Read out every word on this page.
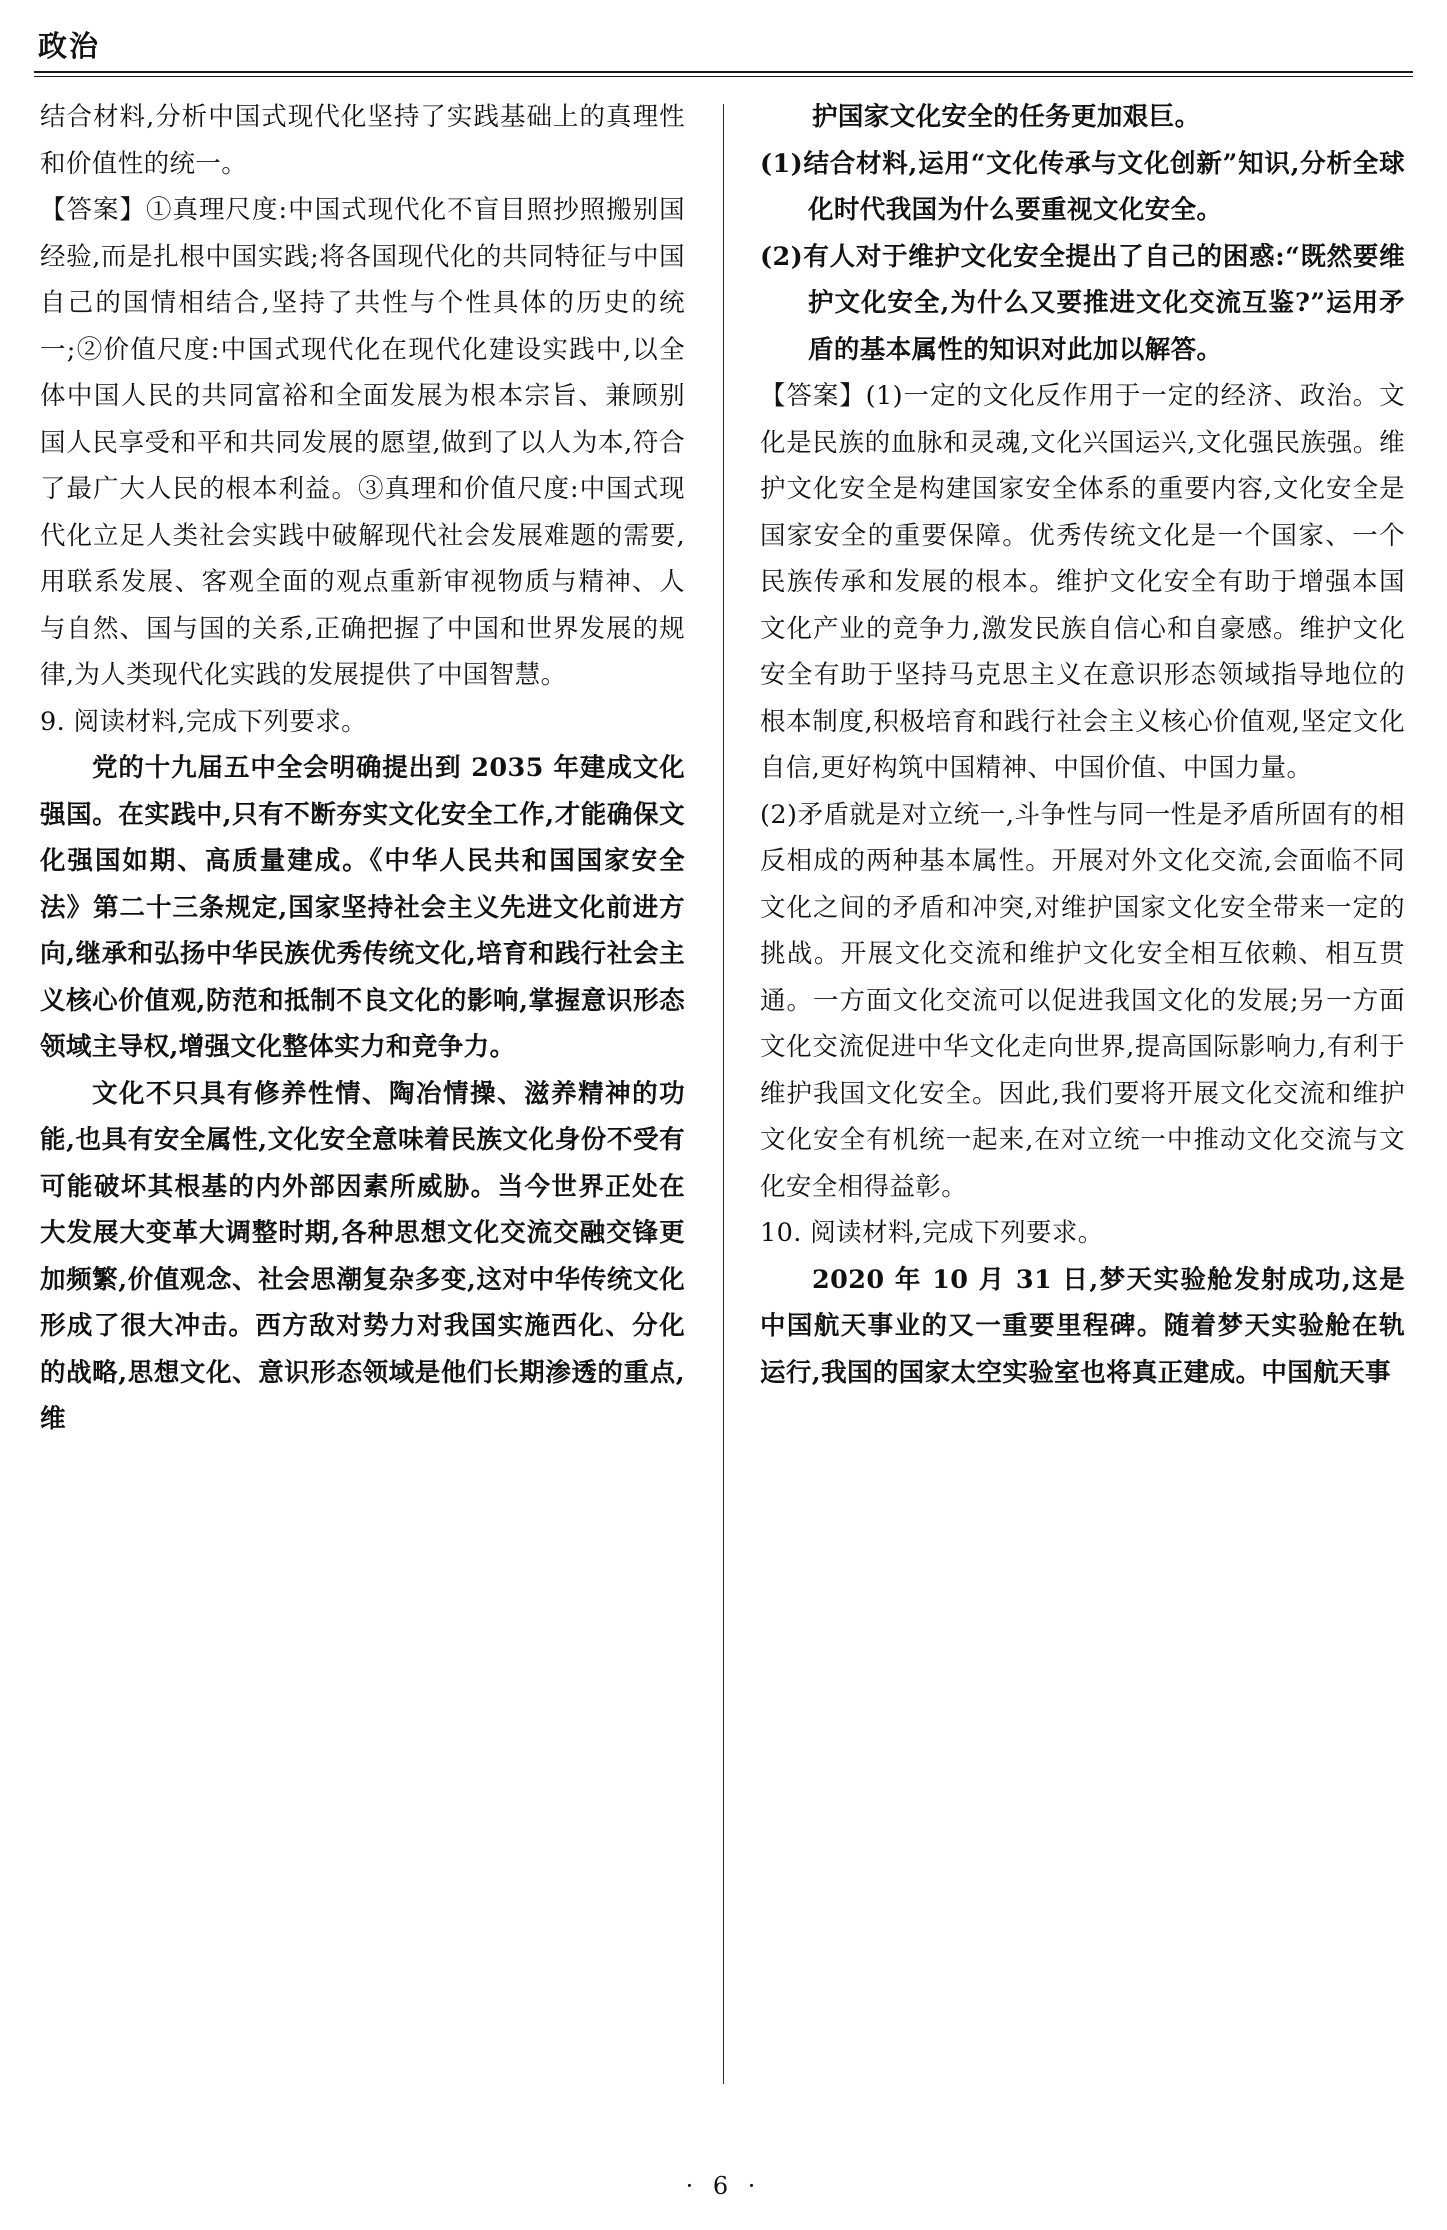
政治

结合材料,分析中国式现代化坚持了实践基础上的真理性和价值性的统一。

【答案】①真理尺度:中国式现代化不盲目照抄照搬别国经验,而是扎根中国实践;将各国现代化的共同特征与中国自己的国情相结合,坚持了共性与个性具体的历史的统一;②价值尺度:中国式现代化在现代化建设实践中,以全体中国人民的共同富裕和全面发展为根本宗旨、兼顾别国人民享受和平和共同发展的愿望,做到了以人为本,符合了最广大人民的根本利益。③真理和价值尺度:中国式现代化立足人类社会实践中破解现代社会发展难题的需要,用联系发展、客观全面的观点重新审视物质与精神、人与自然、国与国的关系,正确把握了中国和世界发展的规律,为人类现代化实践的发展提供了中国智慧。

9. 阅读材料,完成下列要求。

党的十九届五中全会明确提出到 2035 年建成文化强国。在实践中,只有不断夯实文化安全工作,才能确保文化强国如期、高质量建成。《中华人民共和国国家安全法》第二十三条规定,国家坚持社会主义先进文化前进方向,继承和弘扬中华民族优秀传统文化,培育和践行社会主义核心价值观,防范和抵制不良文化的影响,掌握意识形态领域主导权,增强文化整体实力和竞争力。

文化不只具有修养性情、陶冶情操、滋养精神的功能,也具有安全属性,文化安全意味着民族文化身份不受有可能破坏其根基的内外部因素所威胁。当今世界正处在大发展大变革大调整时期,各种思想文化交流交融交锋更加频繁,价值观念、社会思潮复杂多变,这对中华传统文化形成了很大冲击。西方敌对势力对我国实施西化、分化的战略,思想文化、意识形态领域是他们长期渗透的重点,维

护国家文化安全的任务更加艰巨。

(1)结合材料,运用“文化传承与文化创新”知识,分析全球化时代我国为什么要重视文化安全。

(2)有人对于维护文化安全提出了自己的困惑:“既然要维护文化安全,为什么又要推进文化交流互鉴?”运用矛盾的基本属性的知识对此加以解答。

【答案】(1)一定的文化反作用于一定的经济、政治。文化是民族的血脉和灵魂,文化兴国运兴,文化强民族强。维护文化安全是构建国家安全体系的重要内容,文化安全是国家安全的重要保障。优秀传统文化是一个国家、一个民族传承和发展的根本。维护文化安全有助于增强本国文化产业的竞争力,激发民族自信心和自豪感。维护文化安全有助于坚持马克思主义在意识形态领域指导地位的根本制度,积极培育和践行社会主义核心价值观,坚定文化自信,更好构筑中国精神、中国价值、中国力量。

(2)矛盾就是对立统一,斗争性与同一性是矛盾所固有的相反相成的两种基本属性。开展对外文化交流,会面临不同文化之间的矛盾和冲突,对维护国家文化安全带来一定的挑战。开展文化交流和维护文化安全相互依赖、相互贯通。一方面文化交流可以促进我国文化的发展;另一方面文化交流促进中华文化走向世界,提高国际影响力,有利于维护我国文化安全。因此,我们要将开展文化交流和维护文化安全有机统一起来,在对立统一中推动文化交流与文化安全相得益彰。

10. 阅读材料,完成下列要求。

2020 年 10 月 31 日,梦天实验舱发射成功,这是中国航天事业的又一重要里程碑。随着梦天实验舱在轨运行,我国的国家太空实验室也将真正建成。中国航天事

· 6 ·
